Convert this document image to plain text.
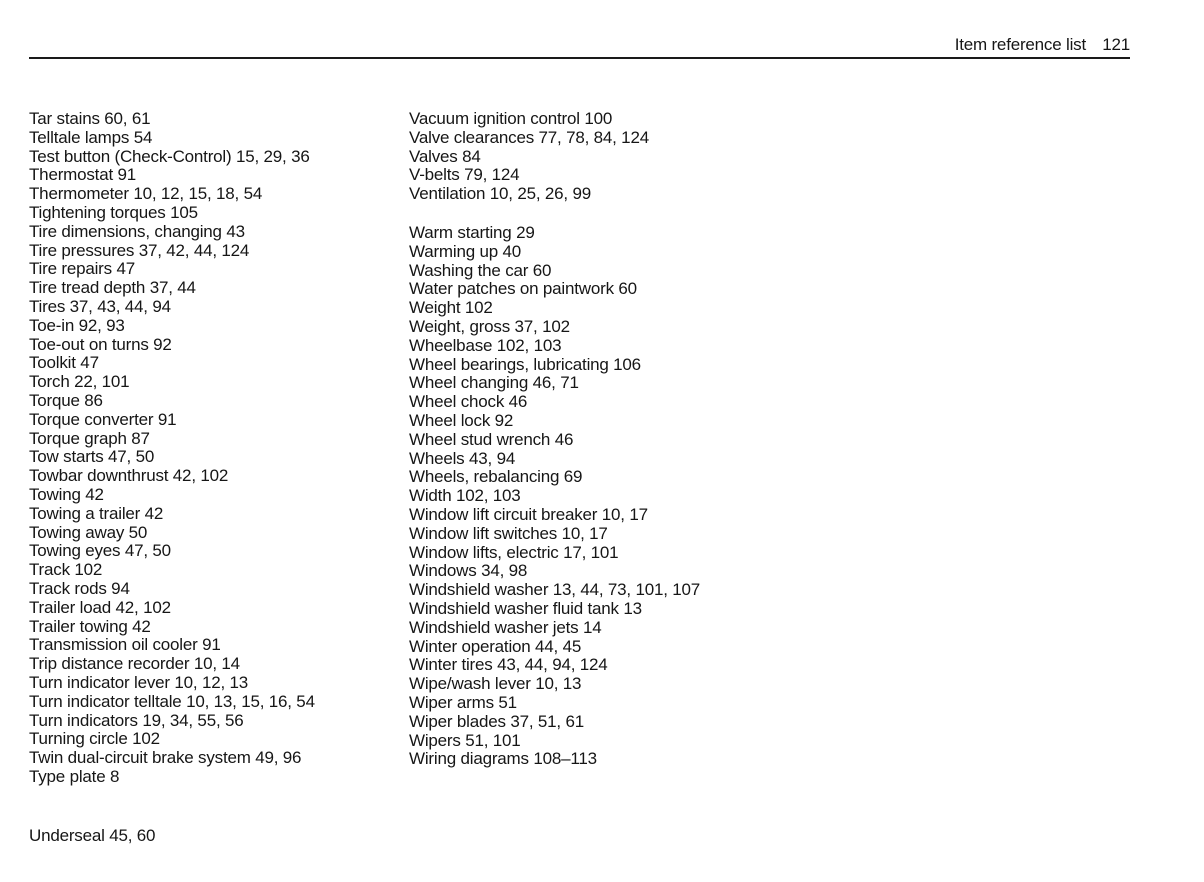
Item reference list 121
Tar stains 60, 61
Telltale lamps 54
Test button (Check-Control) 15, 29, 36
Thermostat 91
Thermometer 10, 12, 15, 18, 54
Tightening torques 105
Tire dimensions, changing 43
Tire pressures 37, 42, 44, 124
Tire repairs 47
Tire tread depth 37, 44
Tires 37, 43, 44, 94
Toe-in 92, 93
Toe-out on turns 92
Toolkit 47
Torch 22, 101
Torque 86
Torque converter 91
Torque graph 87
Tow starts 47, 50
Towbar downthrust 42, 102
Towing 42
Towing a trailer 42
Towing away 50
Towing eyes 47, 50
Track 102
Track rods 94
Trailer load 42, 102
Trailer towing 42
Transmission oil cooler 91
Trip distance recorder 10, 14
Turn indicator lever 10, 12, 13
Turn indicator telltale 10, 13, 15, 16, 54
Turn indicators 19, 34, 55, 56
Turning circle 102
Twin dual-circuit brake system 49, 96
Type plate 8
Underseal 45, 60
Vacuum ignition control 100
Valve clearances 77, 78, 84, 124
Valves 84
V-belts 79, 124
Ventilation 10, 25, 26, 99
Warm starting 29
Warming up 40
Washing the car 60
Water patches on paintwork 60
Weight 102
Weight, gross 37, 102
Wheelbase 102, 103
Wheel bearings, lubricating 106
Wheel changing 46, 71
Wheel chock 46
Wheel lock 92
Wheel stud wrench 46
Wheels 43, 94
Wheels, rebalancing 69
Width 102, 103
Window lift circuit breaker 10, 17
Window lift switches 10, 17
Window lifts, electric 17, 101
Windows 34, 98
Windshield washer 13, 44, 73, 101, 107
Windshield washer fluid tank 13
Windshield washer jets 14
Winter operation 44, 45
Winter tires 43, 44, 94, 124
Wipe/wash lever 10, 13
Wiper arms 51
Wiper blades 37, 51, 61
Wipers 51, 101
Wiring diagrams 108–113
